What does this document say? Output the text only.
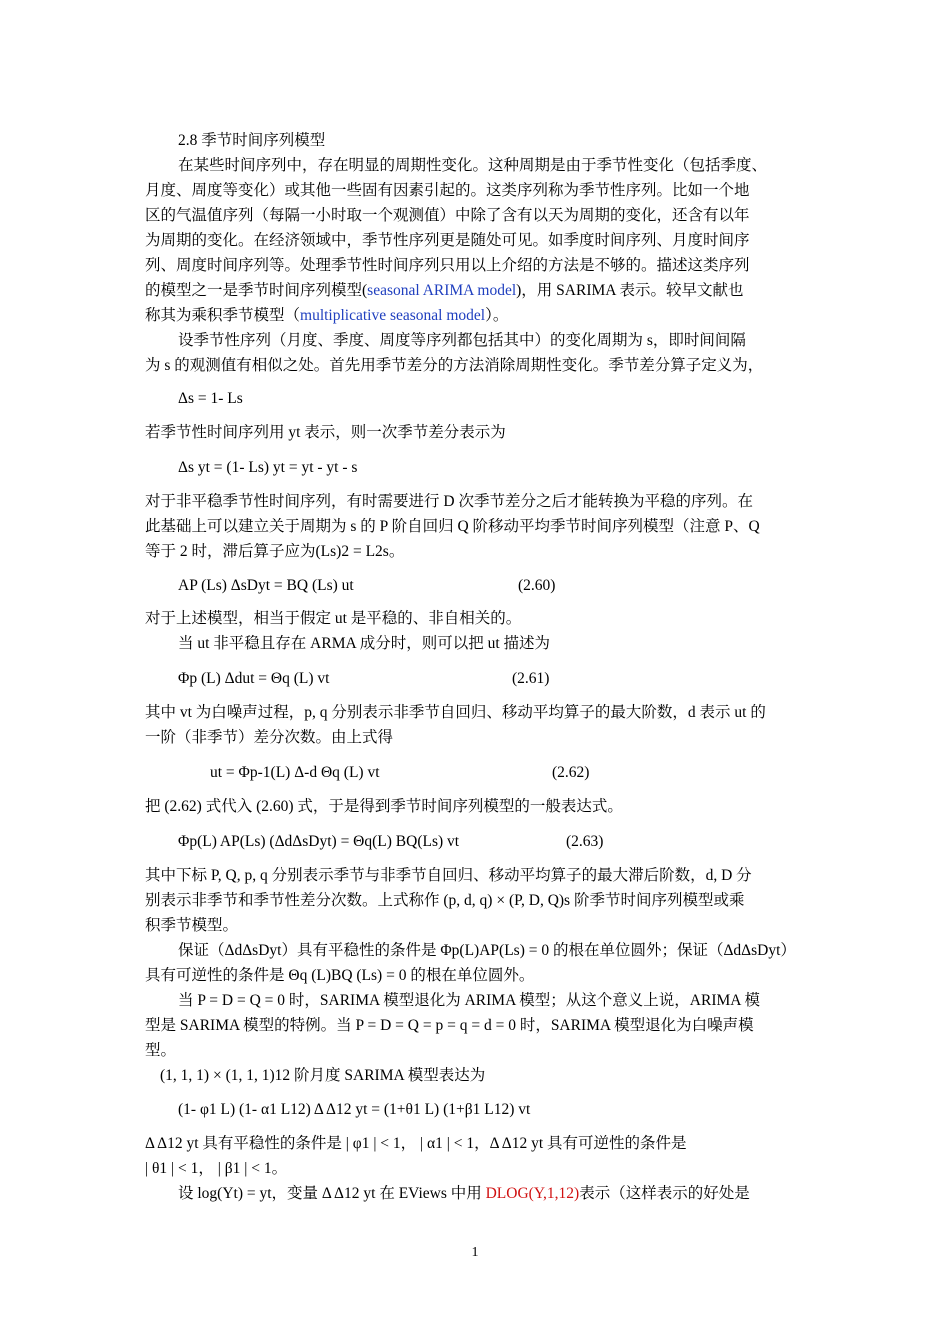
2.8 季节时间序列模型
在某些时间序列中，存在明显的周期性变化。这种周期是由于季节性变化（包括季度、
月度、周度等变化）或其他一些固有因素引起的。这类序列称为季节性序列。比如一个地
区的气温值序列（每隔一小时取一个观测值）中除了含有以天为周期的变化，还含有以年
为周期的变化。在经济领域中，季节性序列更是随处可见。如季度时间序列、月度时间序
列、周度时间序列等。处理季节性时间序列只用以上介绍的方法是不够的。描述这类序列
的模型之一是季节时间序列模型(seasonal ARIMA model)，用 SARIMA 表示。较早文献也
称其为乘积季节模型（multiplicative seasonal model）。
设季节性序列（月度、季度、周度等序列都包括其中）的变化周期为 s，即时间间隔
为 s 的观测值有相似之处。首先用季节差分的方法消除周期性变化。季节差分算子定义为，
Δs = 1- Ls
若季节性时间序列用 yt 表示，则一次季节差分表示为
Δs yt = (1- Ls) yt = yt - yt - s
对于非平稳季节性时间序列，有时需要进行 D 次季节差分之后才能转换为平稳的序列。在
此基础上可以建立关于周期为 s 的 P 阶自回归 Q 阶移动平均季节时间序列模型（注意 P、Q
等于 2 时，滞后算子应为(Ls)2 = L2s。
AP (Ls) ΔsDyt = BQ (Ls) ut	(2.60)
对于上述模型，相当于假定 ut 是平稳的、非自相关的。
当 ut 非平稳且存在 ARMA 成分时，则可以把 ut 描述为
Φp (L) Δdut = Θq (L) vt	(2.61)
其中 vt 为白噪声过程，p, q 分别表示非季节自回归、移动平均算子的最大阶数，d 表示 ut 的
一阶（非季节）差分次数。由上式得
ut = Φp-1(L) Δ-d Θq (L) vt	(2.62)
把 (2.62) 式代入 (2.60) 式，于是得到季节时间序列模型的一般表达式。
Φp(L) AP(Ls) (ΔdΔsDyt) = Θq(L) BQ(Ls) vt	(2.63)
其中下标 P, Q, p, q 分别表示季节与非季节自回归、移动平均算子的最大滞后阶数，d, D 分
别表示非季节和季节性差分次数。上式称作 (p, d, q) × (P, D, Q)s 阶季节时间序列模型或乘
积季节模型。
保证（ΔdΔsDyt）具有平稳性的条件是 Φp(L)AP(Ls) = 0 的根在单位圆外；保证（ΔdΔsDyt）
具有可逆性的条件是 Θq (L)BQ (Ls) = 0 的根在单位圆外。
当 P = D = Q = 0 时，SARIMA 模型退化为 ARIMA 模型；从这个意义上说，ARIMA 模
型是 SARIMA 模型的特例。当 P = D = Q = p = q = d = 0 时，SARIMA 模型退化为白噪声模
型。
(1, 1, 1) × (1, 1, 1)12 阶月度 SARIMA 模型表达为
(1- φ1 L) (1- α1 L12) Δ Δ12 yt = (1+θ1 L) (1+β1 L12) vt
Δ Δ12 yt 具有平稳性的条件是 | φ1 | < 1， | α1 | < 1，Δ Δ12 yt 具有可逆性的条件是
| θ1 | < 1， | β1 | < 1。
设 log(Yt) = yt，变量 Δ Δ12 yt 在 EViews 中用 DLOG(Y,1,12)表示（这样表示的好处是
1
